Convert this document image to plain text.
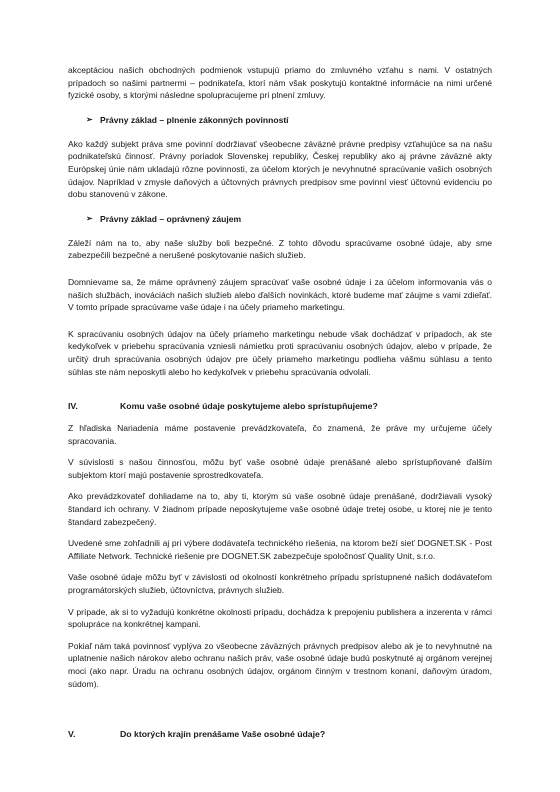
akceptáciou našich obchodných podmienok vstupujú priamo do zmluvného vzťahu s nami. V ostatných prípadoch so našimi partnermi – podnikateľa, ktorí nám však poskytujú kontaktné informácie na nimi určené fyzické osoby, s ktorými následne spolupracujeme pri plnení zmluvy.

➢ Právny základ – plnenie zákonných povinností

Ako každý subjekt práva sme povinní dodržiavať všeobecne záväzné právne predpisy vzťahujúce sa na našu podnikateľskú činnosť. Právny poriadok Slovenskej republiky, Českej republiky ako aj právne záväzné akty Európskej únie nám ukladajú rôzne povinnosti, za účelom ktorých je nevyhnutné spracúvanie vašich osobných údajov. Napríklad v zmysle daňových a účtovných právnych predpisov sme povinní viesť účtovnú evidenciu po dobu stanovenú v zákone.

➢ Právny základ – oprávnený záujem

Záleží nám na to, aby naše služby boli bezpečné. Z tohto dôvodu spracúvame osobné údaje, aby sme zabezpečili bezpečné a nerušené poskytovanie našich služieb.

Domnievame sa, že máme oprávnený záujem spracúvať vaše osobné údaje i za účelom informovania vás o našich službách, inováciách našich služieb alebo ďalších novinkách, ktoré budeme mať záujme s vami zdieľať. V tomto prípade spracúvame vaše údaje i na účely priameho marketingu.

K spracúvaniu osobných údajov na účely priameho marketingu nebude však dochádzať v prípadoch, ak ste kedykoľvek v priebehu spracúvania vzniesli námietku proti spracúvaniu osobných údajov, alebo v prípade, že určitý druh spracúvania osobných údajov pre účely priameho marketingu podlieha vášmu súhlasu a tento súhlas ste nám neposkytli alebo ho kedykoľvek v priebehu spracúvania odvolali.

IV.	Komu vaše osobné údaje poskytujeme alebo sprístupňujeme?

Z hľadiska Nariadenia máme postavenie prevádzkovateľa, čo znamená, že práve my určujeme účely spracovania.

V súvislosti s našou činnosťou, môžu byť vaše osobné údaje prenášané alebo sprístupňované ďalším subjektom ktorí majú postavenie sprostredkovateľa.

Ako prevádzkovateľ dohliadame na to, aby ti, ktorým sú vaše osobné údaje prenášané, dodržiavali vysoký štandard ich ochrany. V žiadnom prípade neposkytujeme vaše osobné údaje tretej osobe, u ktorej nie je tento štandard zabezpečený.

Uvedené sme zohľadnili aj pri výbere dodávateľa technického riešenia, na ktorom beží sieť DOGNET.SK - Post Affiliate Network. Technické riešenie pre DOGNET.SK zabezpečuje spoločnosť Quality Unit, s.r.o.

Vaše osobné údaje môžu byť v závislosti od okolností konkrétneho prípadu sprístupnené našich dodávateľom programátorských služieb, účtovníctva, právnych služieb.

V prípade, ak si to vyžadujú konkrétne okolnosti prípadu, dochádza k prepojeniu publishera a inzerenta v rámci spolupráce na konkrétnej kampani.

Pokiaľ nám taká povinnosť vyplýva zo všeobecne záväzných právnych predpisov alebo ak je to nevyhnutné na uplatnenie našich nárokov alebo ochranu našich práv, vaše osobné údaje budú poskytnuté aj orgánom verejnej moci (ako napr. Úradu na ochranu osobných údajov, orgánom činným v trestnom konaní, daňovým úradom, súdom).

V.	Do ktorých krajín prenášame Vaše osobné údaje?
